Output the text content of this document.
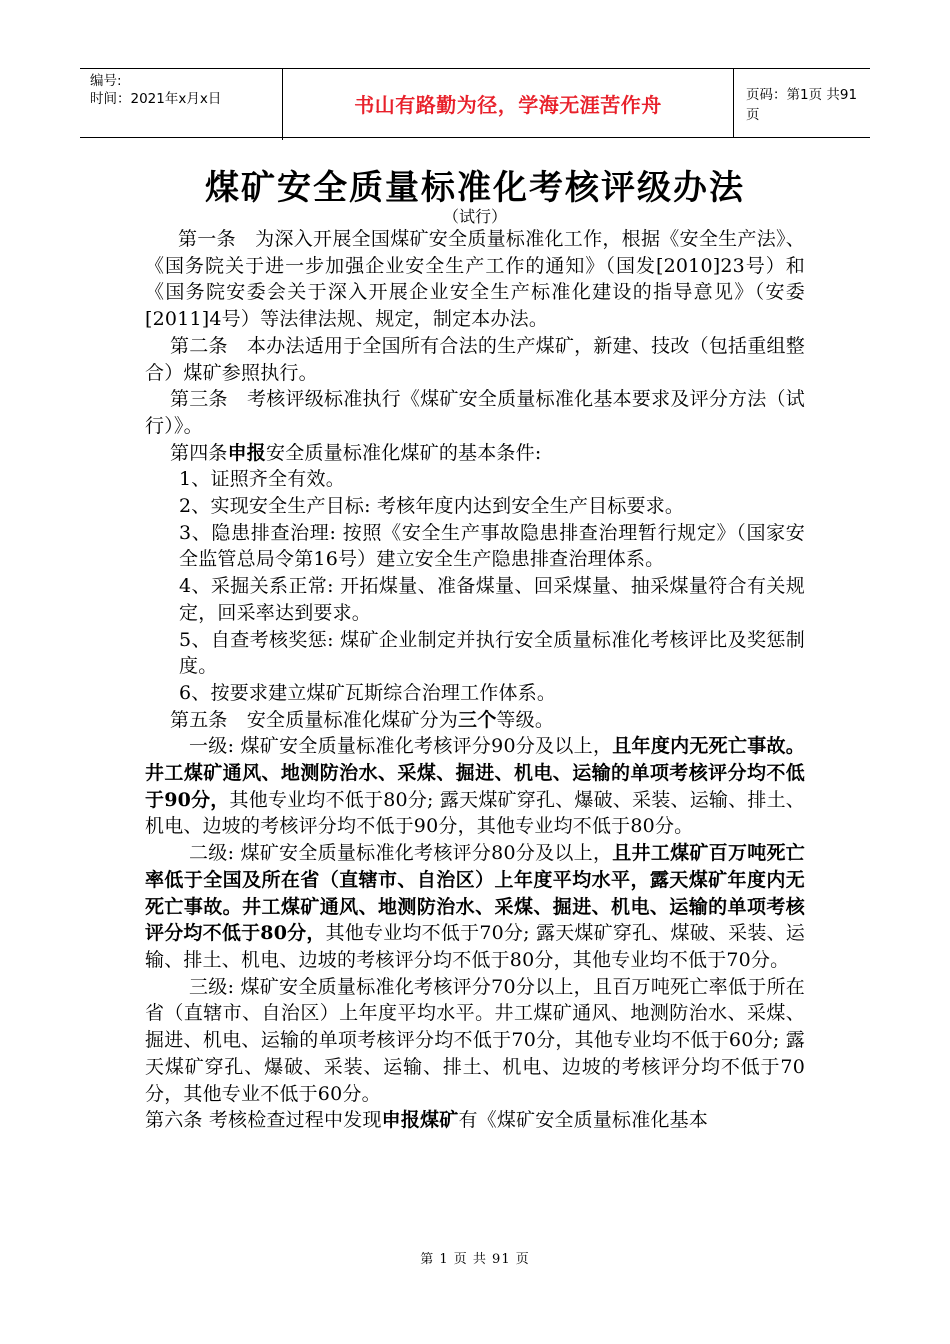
编号:
时间：2021年x月x日	书山有路勤为径，学海无涯苦作舟	页码：第1页 共91页
煤矿安全质量标准化考核评级办法
（试行）

第一条　为深入开展全国煤矿安全质量标准化工作，根据《安全生产法》、《国务院关于进一步加强企业安全生产工作的通知》（国发[2010]23号）和《国务院安委会关于深入开展企业安全生产标准化建设的指导意见》（安委[2011]4号）等法律法规、规定，制定本办法。

第二条　本办法适用于全国所有合法的生产煤矿，新建、技改（包括重组整合）煤矿参照执行。

第三条　考核评级标准执行《煤矿安全质量标准化基本要求及评分方法（试行）》。

第四条申报安全质量标准化煤矿的基本条件:

1、证照齐全有效。

2、实现安全生产目标: 考核年度内达到安全生产目标要求。

3、隐患排查治理: 按照《安全生产事故隐患排查治理暂行规定》（国家安全监管总局令第16号）建立安全生产隐患排查治理体系。

4、采掘关系正常: 开拓煤量、准备煤量、回采煤量、抽采煤量符合有关规定，回采率达到要求。

5、自查考核奖惩: 煤矿企业制定并执行安全质量标准化考核评比及奖惩制度。

6、按要求建立煤矿瓦斯综合治理工作体系。

第五条　安全质量标准化煤矿分为三个等级。

一级: 煤矿安全质量标准化考核评分90分及以上，且年度内无死亡事故。井工煤矿通风、地测防治水、采煤、掘进、机电、运输的单项考核评分均不低于90分，其他专业均不低于80分; 露天煤矿穿孔、爆破、采装、运输、排土、机电、边坡的考核评分均不低于90分，其他专业均不低于80分。

二级: 煤矿安全质量标准化考核评分80分及以上，且井工煤矿百万吨死亡率低于全国及所在省（直辖市、自治区）上年度平均水平，露天煤矿年度内无死亡事故。井工煤矿通风、地测防治水、采煤、掘进、机电、运输的单项考核评分均不低于80分，其他专业均不低于70分; 露天煤矿穿孔、煤破、采装、运输、排土、机电、边坡的考核评分均不低于80分，其他专业均不低于70分。

三级: 煤矿安全质量标准化考核评分70分以上，且百万吨死亡率低于所在省（直辖市、自治区）上年度平均水平。井工煤矿通风、地测防治水、采煤、掘进、机电、运输的单项考核评分均不低于70分，其他专业均不低于60分; 露天煤矿穿孔、爆破、采装、运输、排土、机电、边坡的考核评分均不低于70分，其他专业不低于60分。

第六条 考核检查过程中发现申报煤矿有《煤矿安全质量标准化基本

第 1 页 共 91 页
